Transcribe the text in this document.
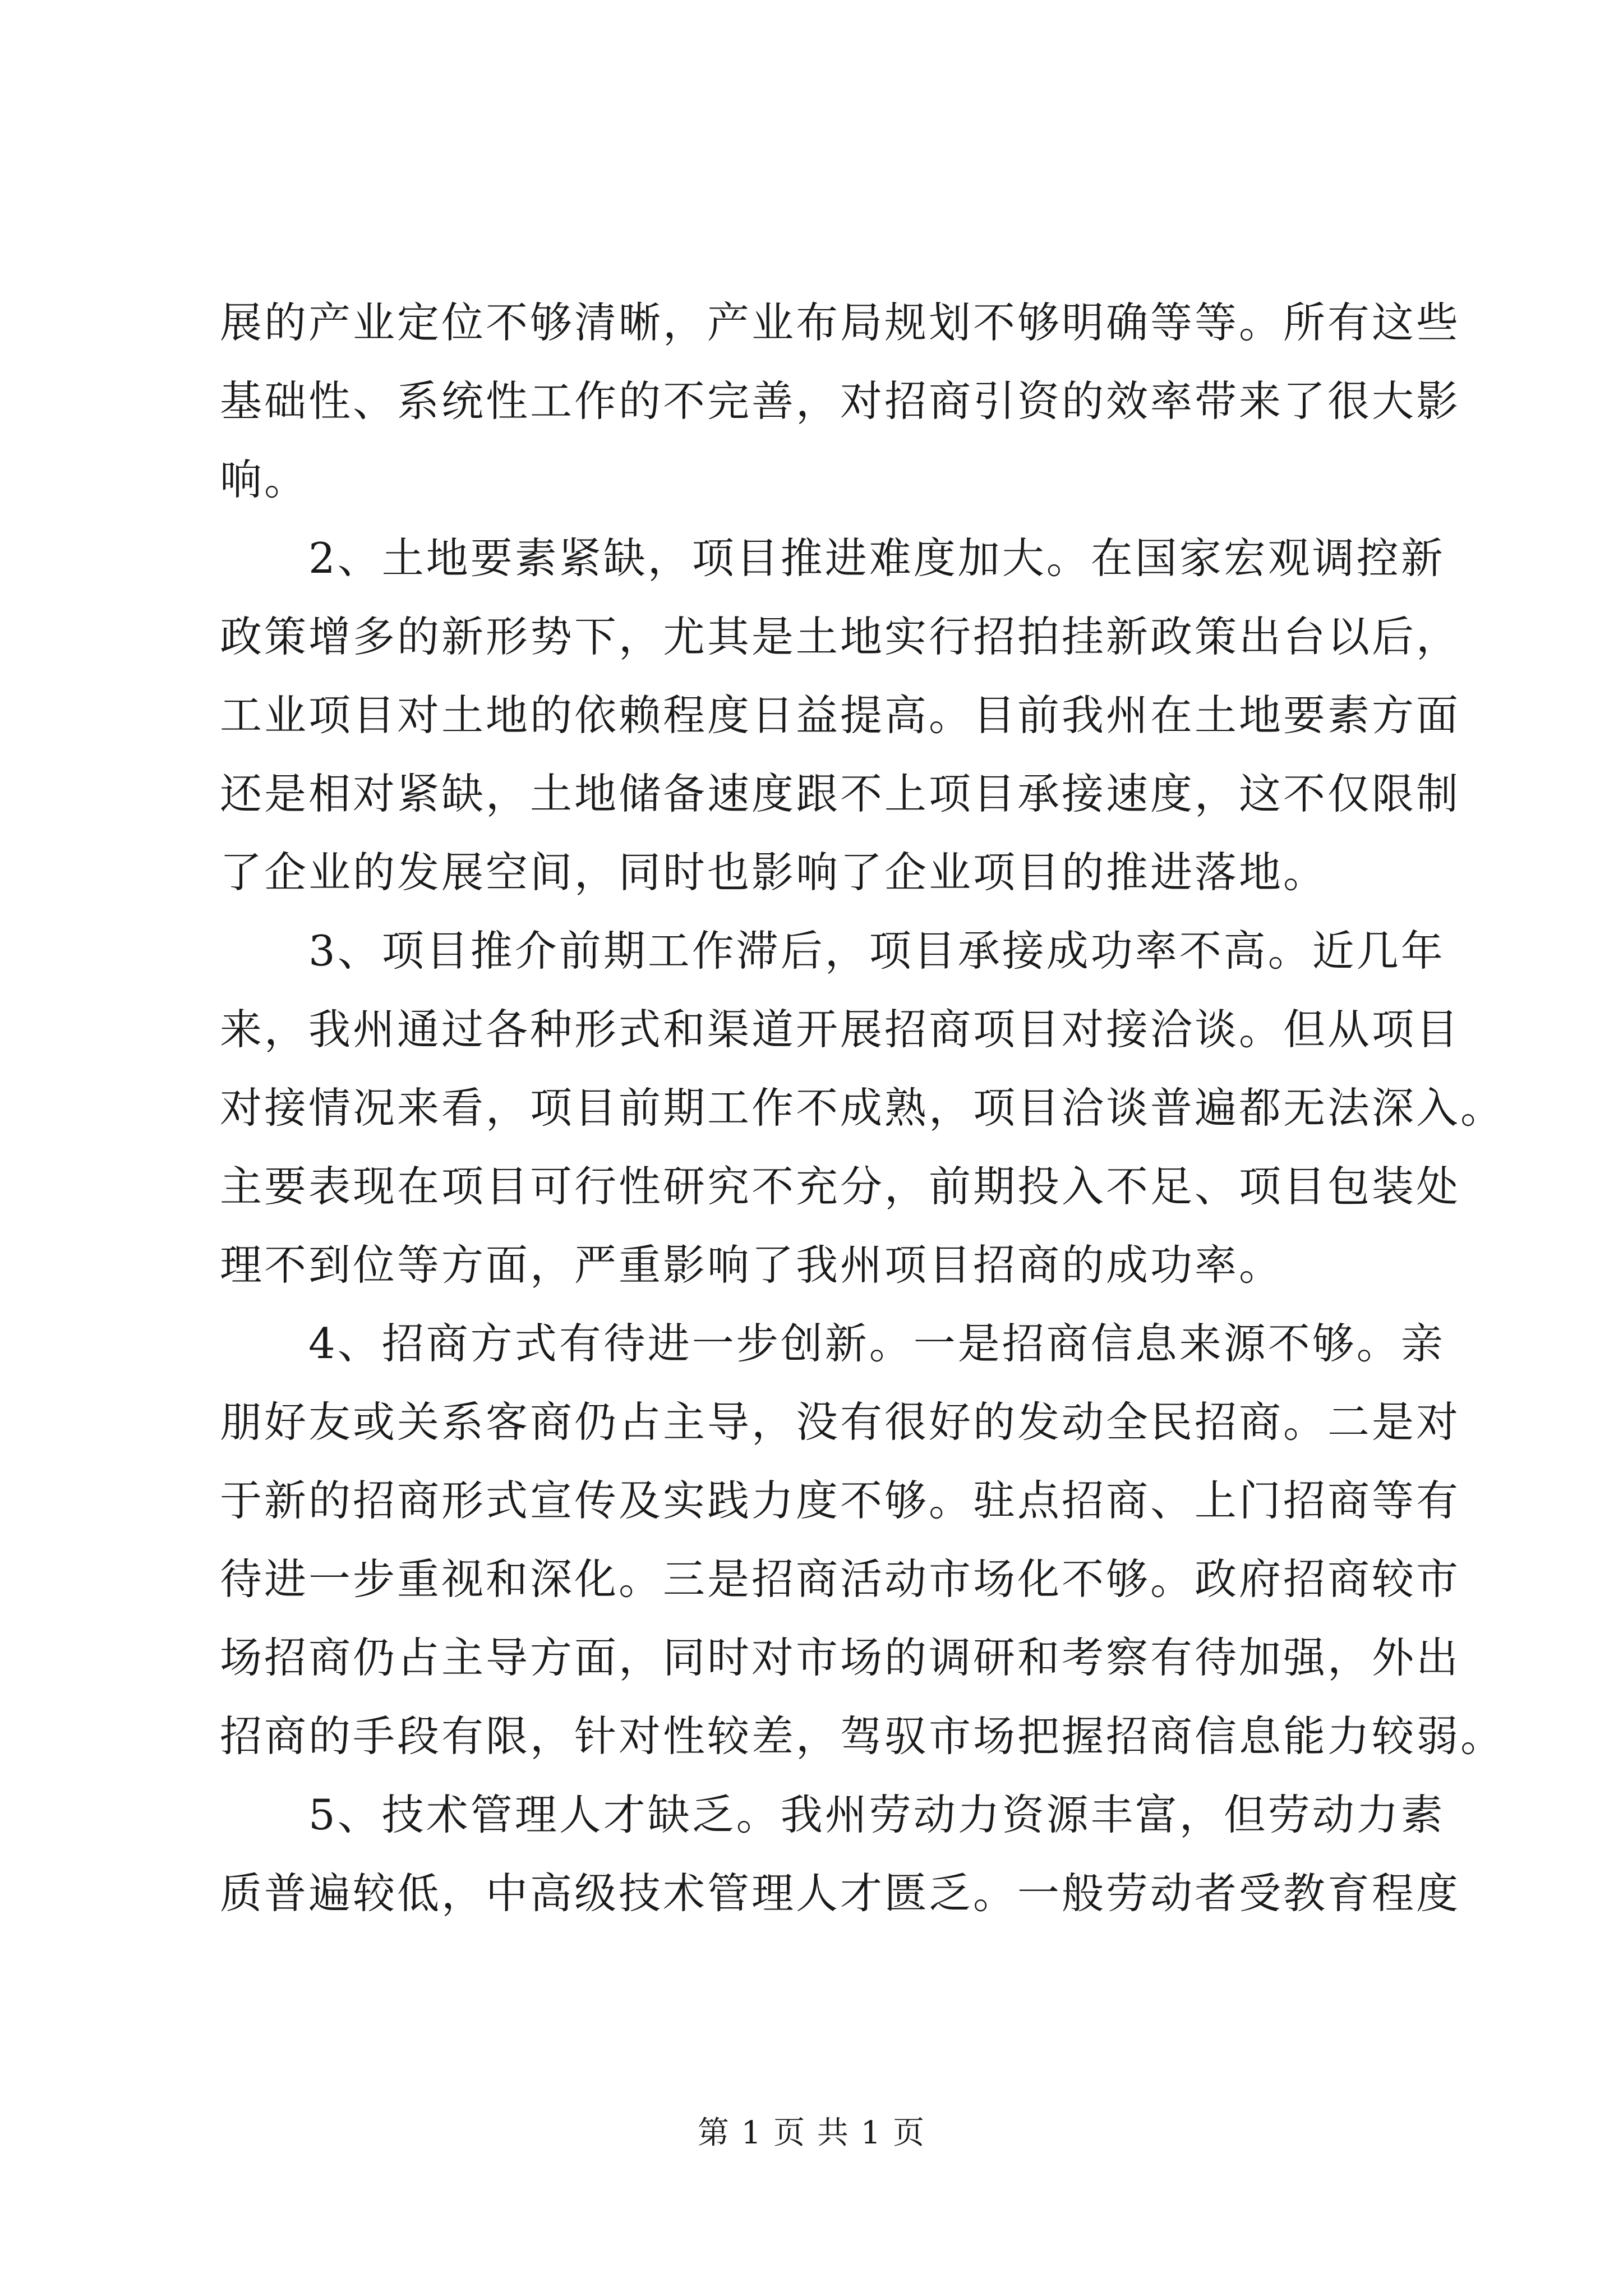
展的产业定位不够清晰，产业布局规划不够明确等等。所有这些
基础性、系统性工作的不完善，对招商引资的效率带来了很大影
响。
　　2、土地要素紧缺，项目推进难度加大。在国家宏观调控新
政策增多的新形势下，尤其是土地实行招拍挂新政策出台以后，
工业项目对土地的依赖程度日益提高。目前我州在土地要素方面
还是相对紧缺，土地储备速度跟不上项目承接速度，这不仅限制
了企业的发展空间，同时也影响了企业项目的推进落地。
　　3、项目推介前期工作滞后，项目承接成功率不高。近几年
来，我州通过各种形式和渠道开展招商项目对接洽谈。但从项目
对接情况来看，项目前期工作不成熟，项目洽谈普遍都无法深入。
主要表现在项目可行性研究不充分，前期投入不足、项目包装处
理不到位等方面，严重影响了我州项目招商的成功率。
　　4、招商方式有待进一步创新。一是招商信息来源不够。亲
朋好友或关系客商仍占主导，没有很好的发动全民招商。二是对
于新的招商形式宣传及实践力度不够。驻点招商、上门招商等有
待进一步重视和深化。三是招商活动市场化不够。政府招商较市
场招商仍占主导方面，同时对市场的调研和考察有待加强，外出
招商的手段有限，针对性较差，驾驭市场把握招商信息能力较弱。
　　5、技术管理人才缺乏。我州劳动力资源丰富，但劳动力素
质普遍较低，中高级技术管理人才匮乏。一般劳动者受教育程度
第 1 页 共 1 页
